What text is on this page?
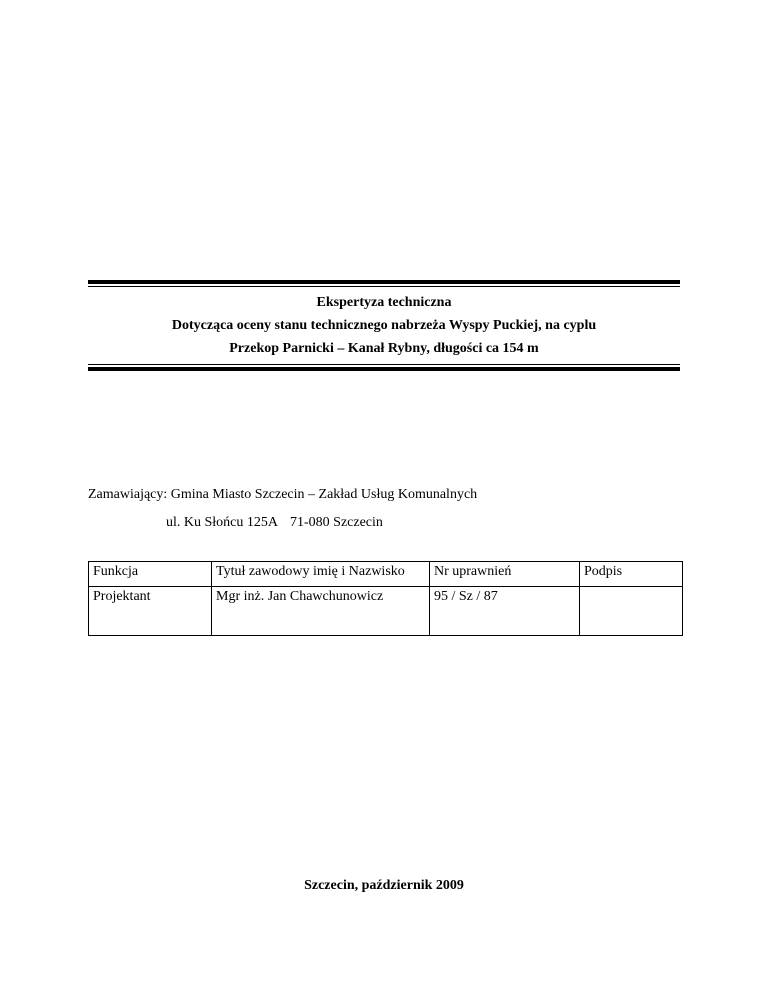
Ekspertyza techniczna
Dotycząca oceny stanu technicznego nabrzeża Wyspy Puckiej, na cyplu
Przekop Parnicki – Kanał Rybny, długości ca 154 m
Zamawiający: Gmina Miasto Szczecin – Zakład Usług Komunalnych
ul. Ku Słońcu 125A 71-080 Szczecin
Funkcja	Tytuł zawodowy imię i Nazwisko	Nr uprawnień	Podpis
Projektant	Mgr inż. Jan Chawchunowicz	95 / Sz / 87	
Szczecin, październik 2009
